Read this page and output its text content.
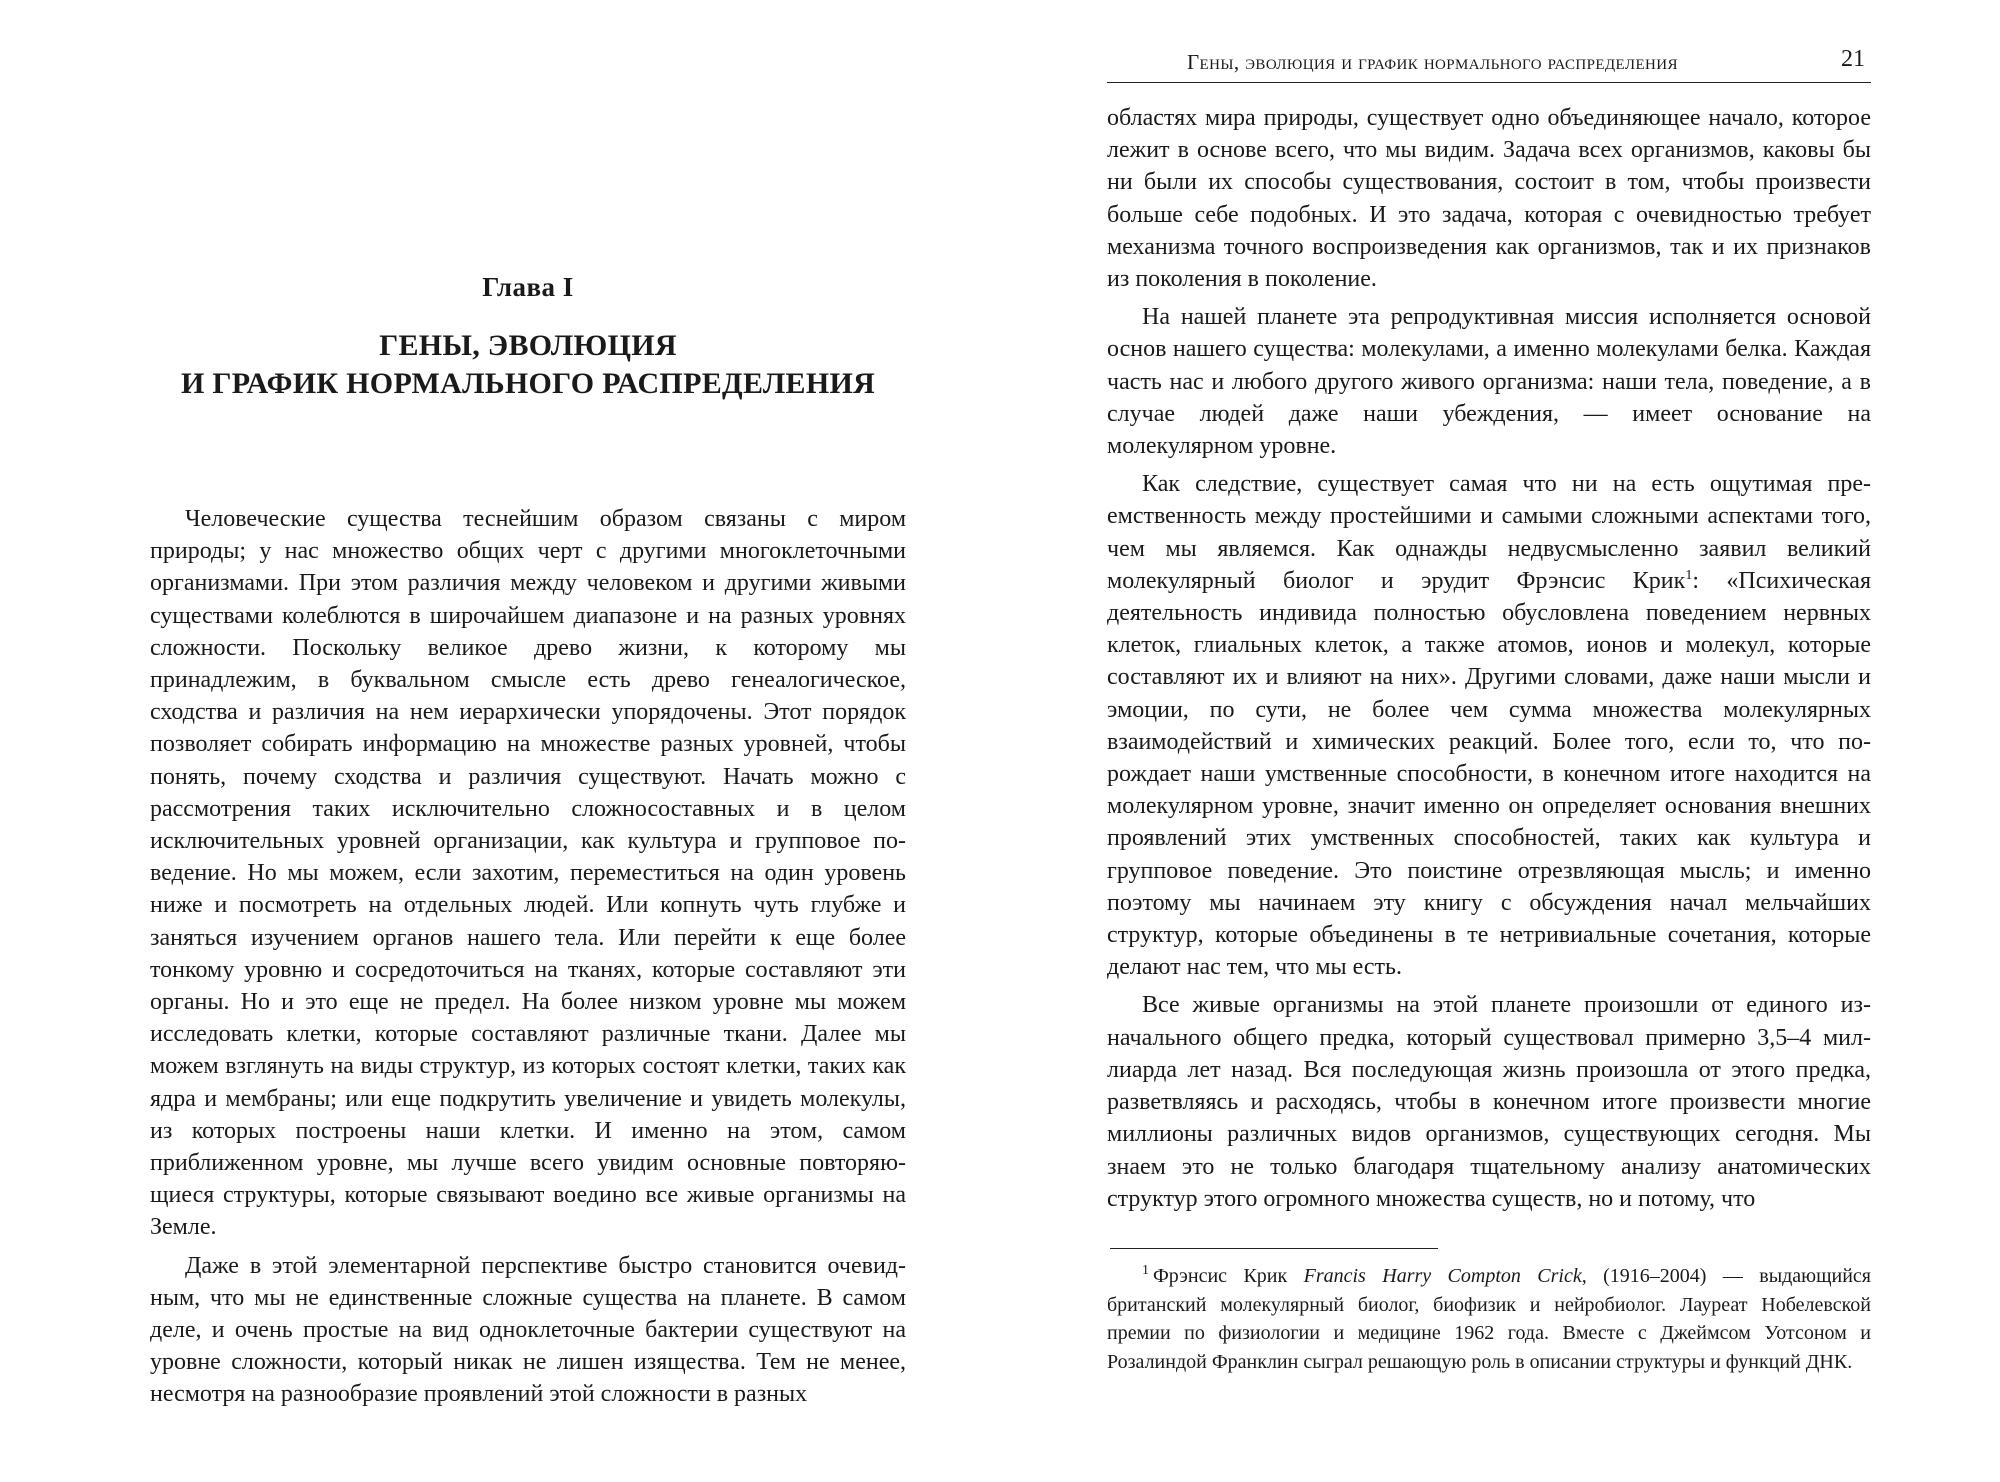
Глава I
ГЕНЫ, ЭВОЛЮЦИЯ
И ГРАФИК НОРМАЛЬНОГО РАСПРЕДЕЛЕНИЯ

Человеческие существа теснейшим образом связаны с миром природы; у нас множество общих черт с другими многоклеточными организмами. При этом различия между человеком и другими живыми существами колеблются в широчайшем диапазоне и на разных уровнях сложности. Поскольку великое древо жизни, к которому мы принадлежим, в буквальном смысле есть древо генеалогическое, сходства и различия на нем иерархически упорядочены. Этот порядок позволяет собирать информацию на множестве разных уровней, чтобы понять, почему сходства и различия существуют. Начать можно с рассмотрения таких исключительно сложносоставных и в целом исключительных уровней организации, как культура и групповое поведение. Но мы можем, если захотим, переместиться на один уровень ниже и посмотреть на отдельных людей. Или копнуть чуть глубже и заняться изучением органов нашего тела. Или перейти к еще более тонкому уровню и сосредоточиться на тканях, которые составляют эти органы. Но и это еще не предел. На более низком уровне мы можем исследовать клетки, которые составляют различные ткани. Далее мы можем взглянуть на виды структур, из которых состоят клетки, таких как ядра и мембраны; или еще подкрутить увеличение и увидеть молекулы, из которых построены наши клетки. И именно на этом, самом приближенном уровне, мы лучше всего увидим основные повторяющиеся структуры, которые связывают воедино все живые организмы на Земле.

Даже в этой элементарной перспективе быстро становится очевидным, что мы не единственные сложные существа на планете. В самом деле, и очень простые на вид одноклеточные бактерии существуют на уровне сложности, который никак не лишен изящества. Тем не менее, несмотря на разнообразие проявлений этой сложности в разных

Гены, эволюция и график нормального распределения	21

областях мира природы, существует одно объединяющее начало, которое лежит в основе всего, что мы видим. Задача всех организмов, каковы бы ни были их способы существования, состоит в том, чтобы произвести больше себе подобных. И это задача, которая с очевидностью требует механизма точного воспроизведения как организмов, так и их признаков из поколения в поколение.

На нашей планете эта репродуктивная миссия исполняется основой основ нашего существа: молекулами, а именно молекулами белка. Каждая часть нас и любого другого живого организма: наши тела, поведение, а в случае людей даже наши убеждения, — имеет основание на молекулярном уровне.

Как следствие, существует самая что ни на есть ощутимая преемственность между простейшими и самыми сложными аспектами того, чем мы являемся. Как однажды недвусмысленно заявил великий молекулярный биолог и эрудит Фрэнсис Крик$^1$: «Психическая деятельность индивида полностью обусловлена поведением нервных клеток, глиальных клеток, а также атомов, ионов и молекул, которые составляют их и влияют на них». Другими словами, даже наши мысли и эмоции, по сути, не более чем сумма множества молекулярных взаимодействий и химических реакций. Более того, если то, что порождает наши умственные способности, в конечном итоге находится на молекулярном уровне, значит именно он определяет основания внешних проявлений этих умственных способностей, таких как культура и групповое поведение. Это поистине отрезвляющая мысль; и именно поэтому мы начинаем эту книгу с обсуждения начал мельчайших структур, которые объединены в те нетривиальные сочетания, которые делают нас тем, что мы есть.

Все живые организмы на этой планете произошли от единого изначального общего предка, который существовал примерно 3,5–4 миллиарда лет назад. Вся последующая жизнь произошла от этого предка, разветвляясь и расходясь, чтобы в конечном итоге произвести многие миллионы различных видов организмов, существующих сегодня. Мы знаем это не только благодаря тщательному анализу анатомических структур этого огромного множества существ, но и потому, что

$^1$ Фрэнсис Крик Francis Harry Compton Crick, (1916–2004) — выдающийся британский молекулярный биолог, биофизик и нейробиолог. Лауреат Нобелевской премии по физиологии и медицине 1962 года. Вместе с Джеймсом Уотсоном и Розалиндой Франклин сыграл решающую роль в описании структуры и функций ДНК.
